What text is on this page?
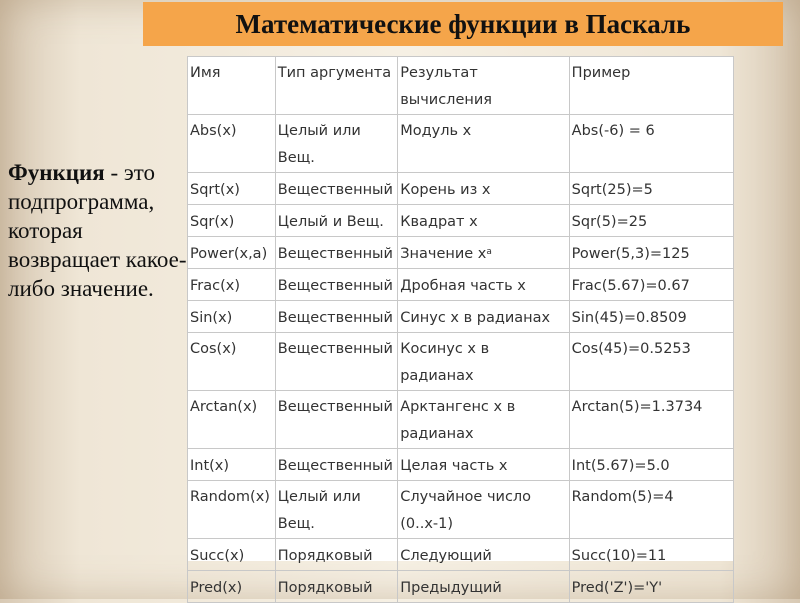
Математические функции в Паскаль
Функция - это подпрограмма, которая возвращает какое-либо значение.
Имя	Тип аргумента	Результат вычисления	Пример
Abs(x)	Целый или Вещ.	Модуль x	Abs(-6) = 6
Sqrt(x)	Вещественный	Корень из x	Sqrt(25)=5
Sqr(x)	Целый и Вещ.	Квадрат x	Sqr(5)=25
Power(x,a)	Вещественный	Значение $x^a$	Power(5,3)=125
Frac(x)	Вещественный	Дробная часть x	Frac(5.67)=0.67
Sin(x)	Вещественный	Синус x в радианах	Sin(45)=0.8509
Cos(x)	Вещественный	Косинус x в радианах	Cos(45)=0.5253
Arctan(x)	Вещественный	Арктангенс x в радианах	Arctan(5)=1.3734
Int(x)	Вещественный	Целая часть x	Int(5.67)=5.0
Random(x)	Целый или Вещ.	Случайное число (0..x-1)	Random(5)=4
Succ(x)	Порядковый	Следующий	Succ(10)=11
Pred(x)	Порядковый	Предыдущий	Pred('Z')='Y'
